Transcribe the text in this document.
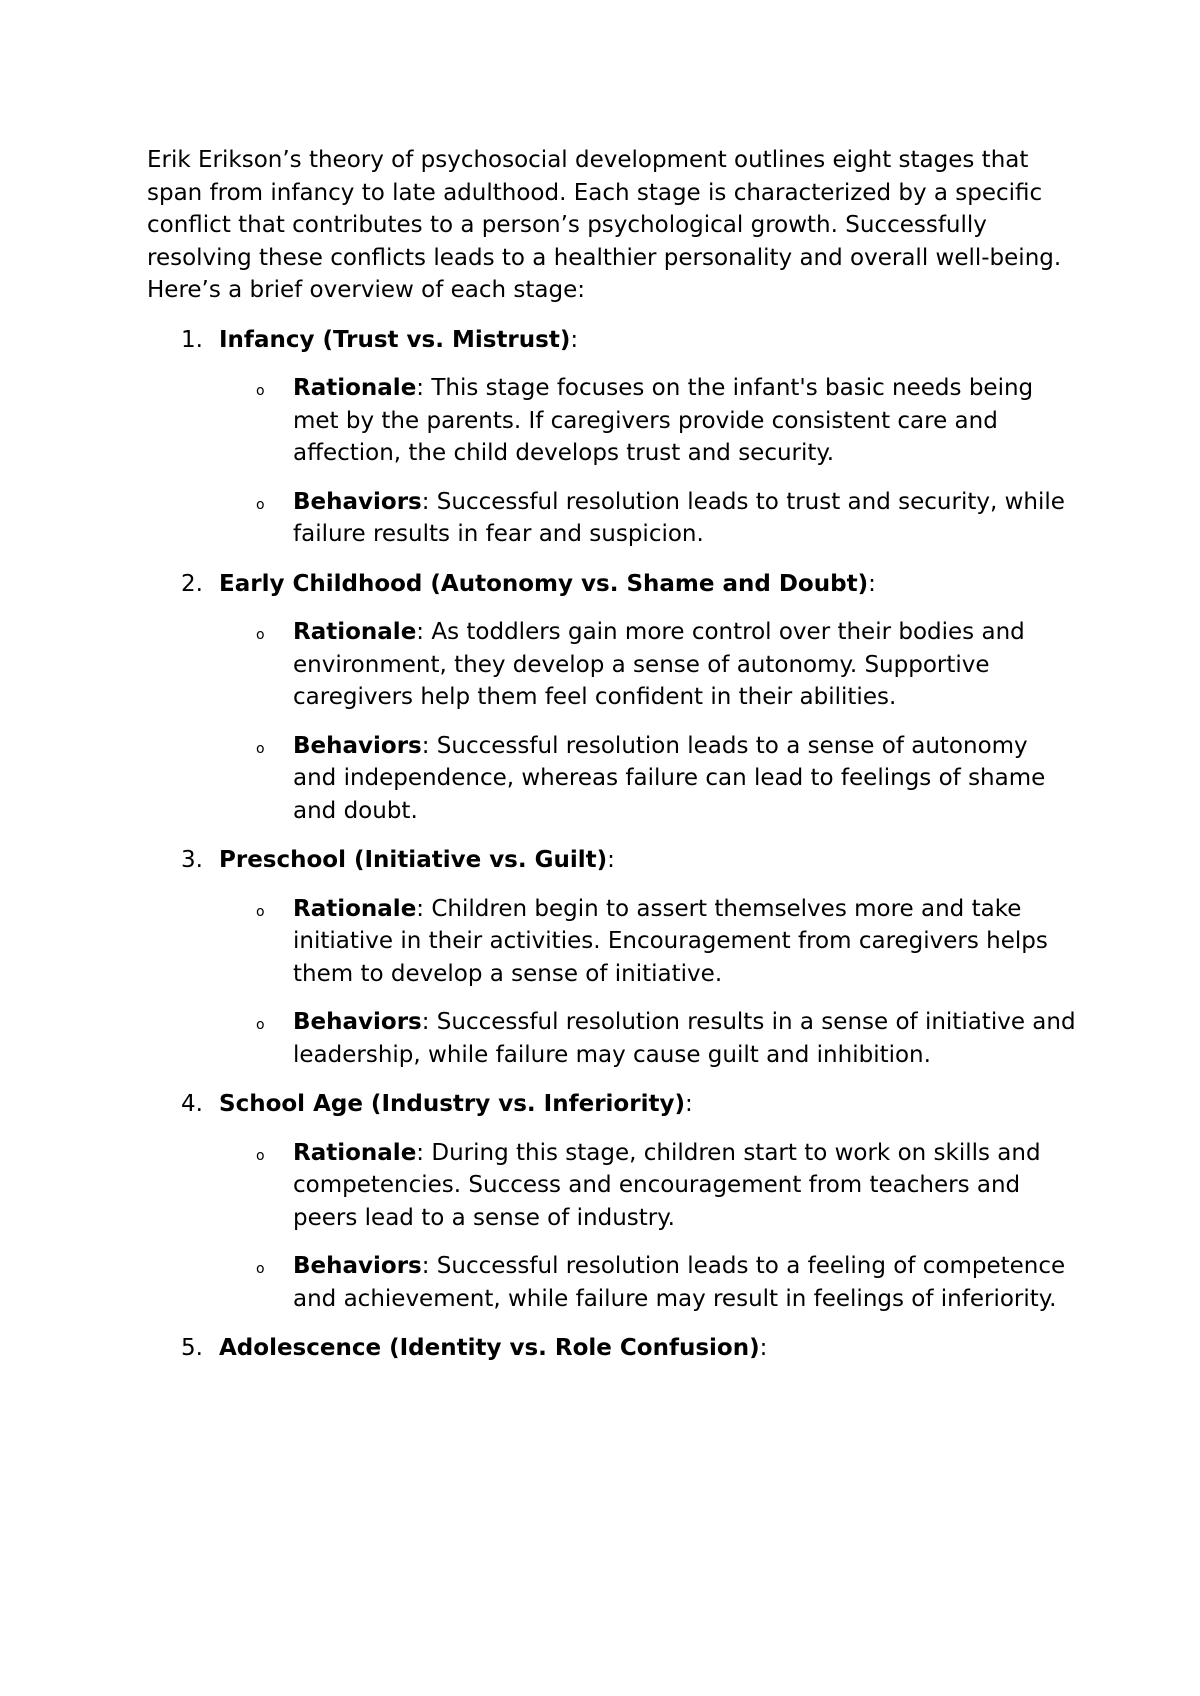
Erik Erikson’s theory of psychosocial development outlines eight stages that span from infancy to late adulthood. Each stage is characterized by a specific conflict that contributes to a person’s psychological growth. Successfully resolving these conflicts leads to a healthier personality and overall well-being. Here’s a brief overview of each stage:

1. Infancy (Trust vs. Mistrust):
o Rationale: This stage focuses on the infant's basic needs being met by the parents. If caregivers provide consistent care and affection, the child develops trust and security.
o Behaviors: Successful resolution leads to trust and security, while failure results in fear and suspicion.
2. Early Childhood (Autonomy vs. Shame and Doubt):
o Rationale: As toddlers gain more control over their bodies and environment, they develop a sense of autonomy. Supportive caregivers help them feel confident in their abilities.
o Behaviors: Successful resolution leads to a sense of autonomy and independence, whereas failure can lead to feelings of shame and doubt.
3. Preschool (Initiative vs. Guilt):
o Rationale: Children begin to assert themselves more and take initiative in their activities. Encouragement from caregivers helps them to develop a sense of initiative.
o Behaviors: Successful resolution results in a sense of initiative and leadership, while failure may cause guilt and inhibition.
4. School Age (Industry vs. Inferiority):
o Rationale: During this stage, children start to work on skills and competencies. Success and encouragement from teachers and peers lead to a sense of industry.
o Behaviors: Successful resolution leads to a feeling of competence and achievement, while failure may result in feelings of inferiority.
5. Adolescence (Identity vs. Role Confusion):
